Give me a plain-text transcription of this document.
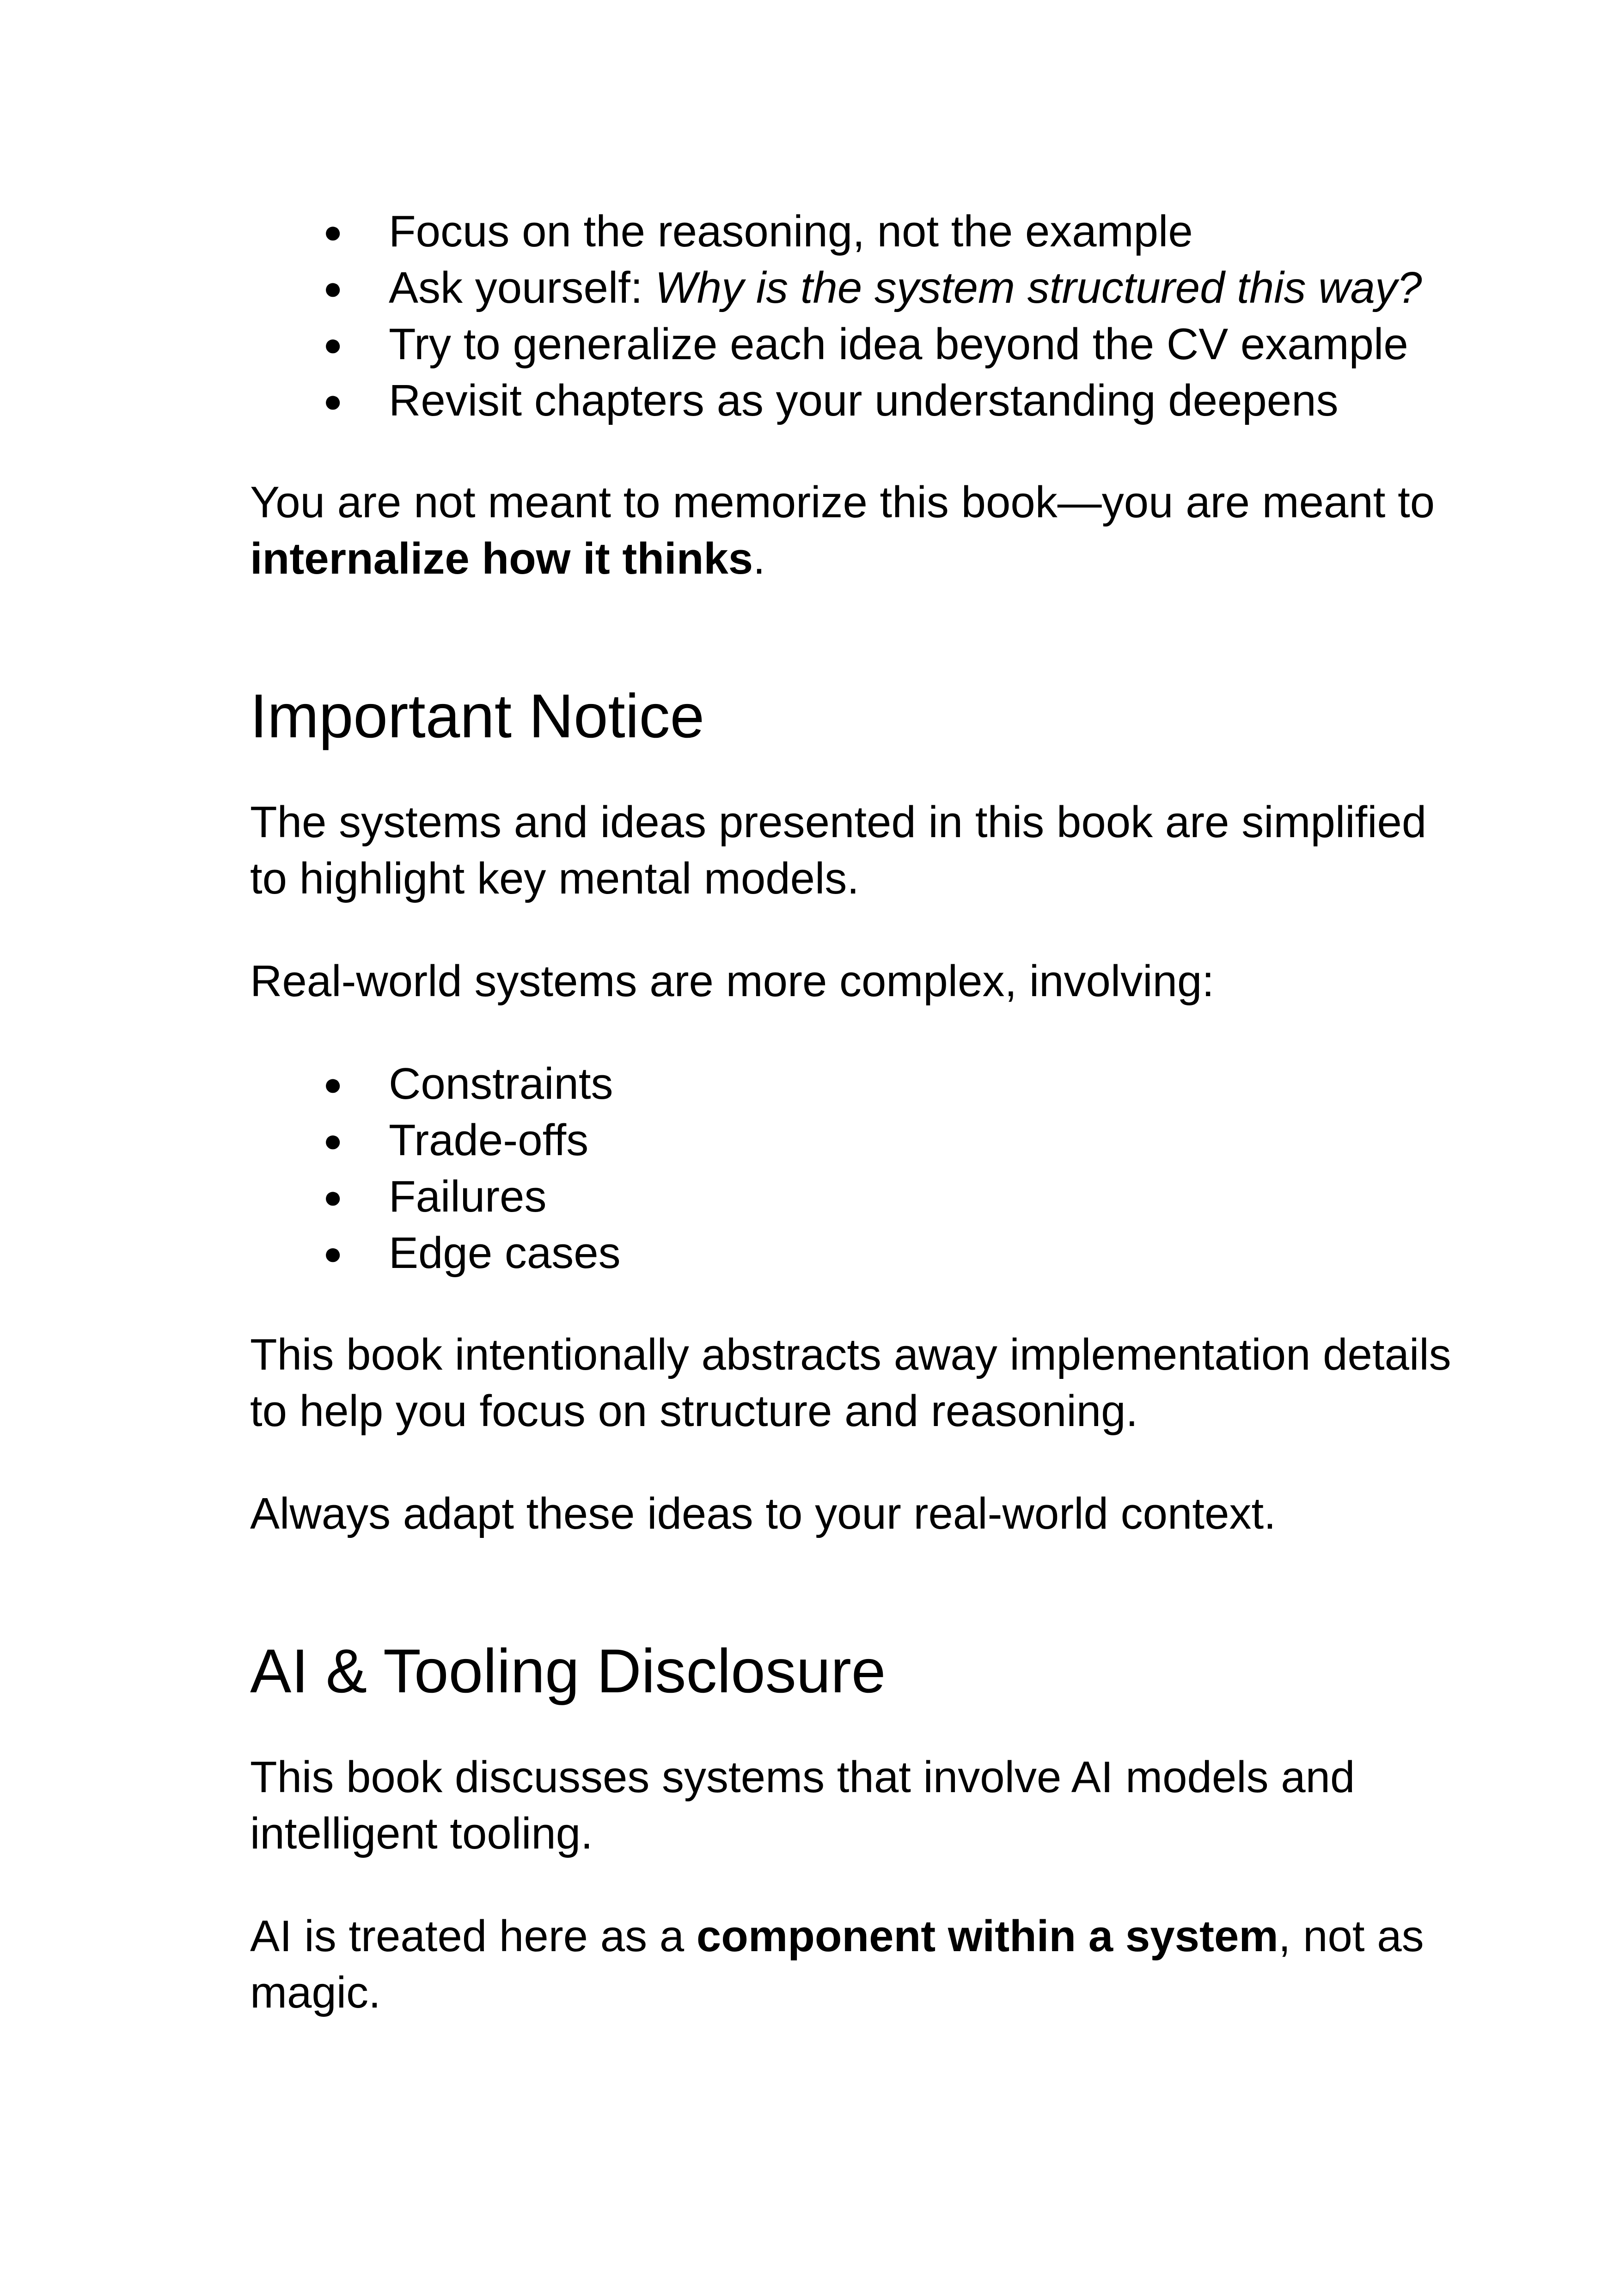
● Focus on the reasoning, not the example
● Ask yourself: Why is the system structured this way?
● Try to generalize each idea beyond the CV example
● Revisit chapters as your understanding deepens

You are not meant to memorize this book—you are meant to
internalize how it thinks.

Important Notice

The systems and ideas presented in this book are simplified
to highlight key mental models.

Real-world systems are more complex, involving:

● Constraints
● Trade-offs
● Failures
● Edge cases

This book intentionally abstracts away implementation details
to help you focus on structure and reasoning.

Always adapt these ideas to your real-world context.

AI & Tooling Disclosure

This book discusses systems that involve AI models and
intelligent tooling.

AI is treated here as a component within a system, not as
magic.
